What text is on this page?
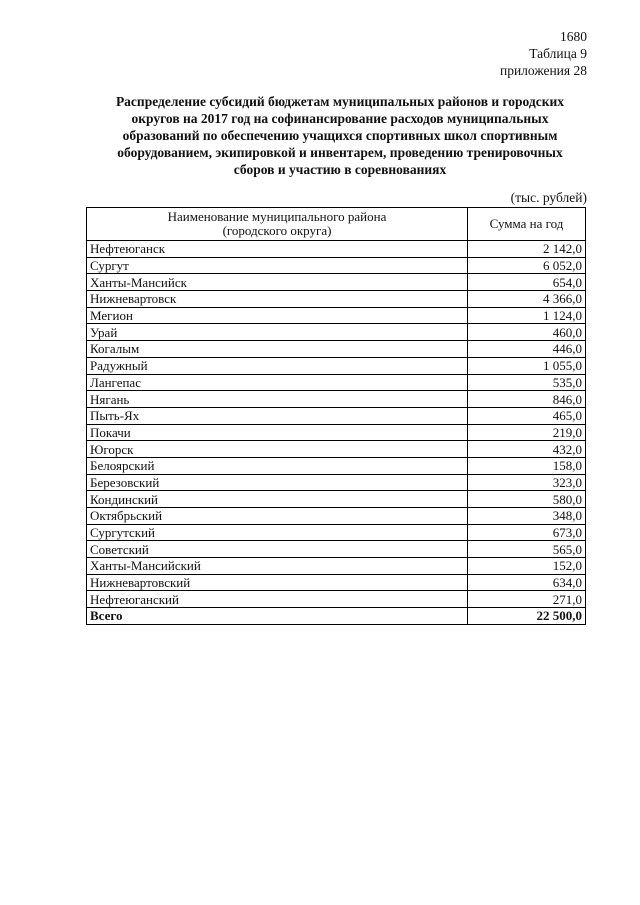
1680
Таблица 9
приложения 28
Распределение субсидий бюджетам муниципальных районов и городских округов на 2017 год на софинансирование расходов муниципальных образований по обеспечению учащихся спортивных школ спортивным оборудованием, экипировкой и инвентарем, проведению тренировочных сборов и участию в соревнованиях
(тыс. рублей)
Наименование муниципального района
(городского округа)	Сумма на год
Нефтеюганск	2 142,0
Сургут	6 052,0
Ханты-Мансийск	654,0
Нижневартовск	4 366,0
Мегион	1 124,0
Урай	460,0
Когалым	446,0
Радужный	1 055,0
Лангепас	535,0
Нягань	846,0
Пыть-Ях	465,0
Покачи	219,0
Югорск	432,0
Белоярский	158,0
Березовский	323,0
Кондинский	580,0
Октябрьский	348,0
Сургутский	673,0
Советский	565,0
Ханты-Мансийский	152,0
Нижневартовский	634,0
Нефтеюганский	271,0
Всего	22 500,0
